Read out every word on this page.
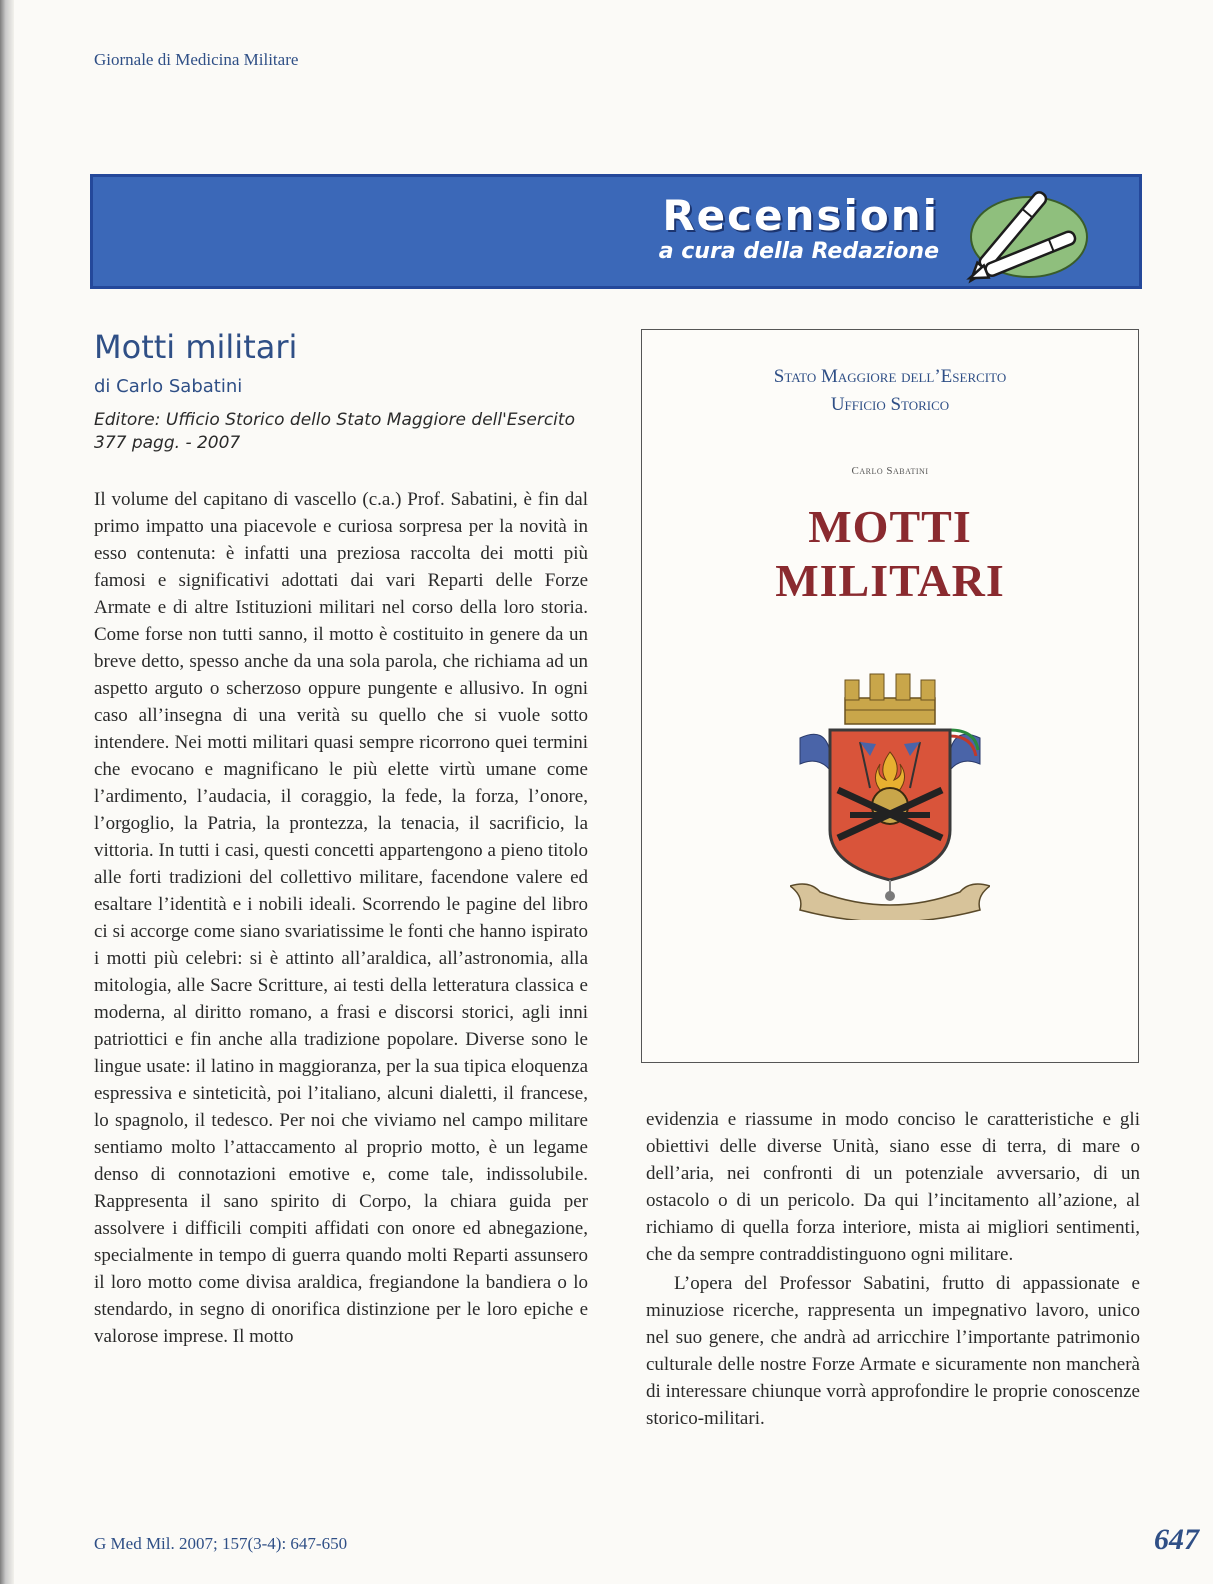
Giornale di Medicina Militare
Recensioni
a cura della Redazione
Motti militari
di Carlo Sabatini
Editore: Ufficio Storico dello Stato Maggiore dell'Esercito
377 pagg. - 2007

Il volume del capitano di vascello (c.a.) Prof. Sabatini, è fin dal primo impatto una piacevole e curiosa sorpresa per la novità in esso contenuta: è infatti una preziosa raccolta dei motti più famosi e significativi adottati dai vari Reparti delle Forze Armate e di altre Istituzioni militari nel corso della loro storia. Come forse non tutti sanno, il motto è costituito in genere da un breve detto, spesso anche da una sola parola, che richiama ad un aspetto arguto o scherzoso oppure pungente e allusivo. In ogni caso all’insegna di una verità su quello che si vuole sotto intendere. Nei motti militari quasi sempre ricorrono quei termini che evocano e magnificano le più elette virtù umane come l’ardimento, l’audacia, il coraggio, la fede, la forza, l’onore, l’orgoglio, la Patria, la prontezza, la tenacia, il sacrificio, la vittoria. In tutti i casi, questi concetti appartengono a pieno titolo alle forti tradizioni del collettivo militare, facendone valere ed esaltare l’identità e i nobili ideali. Scorrendo le pagine del libro ci si accorge come siano svariatissime le fonti che hanno ispirato i motti più celebri: si è attinto all’araldica, all’astronomia, alla mitologia, alle Sacre Scritture, ai testi della letteratura classica e moderna, al diritto romano, a frasi e discorsi storici, agli inni patriottici e fin anche alla tradizione popolare. Diverse sono le lingue usate: il latino in maggioranza, per la sua tipica eloquenza espressiva e sinteticità, poi l’italiano, alcuni dialetti, il francese, lo spagnolo, il tedesco. Per noi che viviamo nel campo militare sentiamo molto l’attaccamento al proprio motto, è un legame denso di connotazioni emotive e, come tale, indissolubile. Rappresenta il sano spirito di Corpo, la chiara guida per assolvere i difficili compiti affidati con onore ed abnegazione, specialmente in tempo di guerra quando molti Reparti assunsero il loro motto come divisa araldica, fregiandone la bandiera o lo stendardo, in segno di onorifica distinzione per le loro epiche e valorose imprese. Il motto

Stato Maggiore dell’Esercito
Ufficio Storico
Carlo Sabatini
MOTTI
MILITARI

evidenzia e riassume in modo conciso le caratteristiche e gli obiettivi delle diverse Unità, siano esse di terra, di mare o dell’aria, nei confronti di un potenziale avversario, di un ostacolo o di un pericolo. Da qui l’incitamento all’azione, al richiamo di quella forza interiore, mista ai migliori sentimenti, che da sempre contraddistinguono ogni militare.

L’opera del Professor Sabatini, frutto di appassionate e minuziose ricerche, rappresenta un impegnativo lavoro, unico nel suo genere, che andrà ad arricchire l’importante patrimonio culturale delle nostre Forze Armate e sicuramente non mancherà di interessare chiunque vorrà approfondire le proprie conoscenze storico-militari.

G Med Mil. 2007; 157(3-4): 647-650	647
